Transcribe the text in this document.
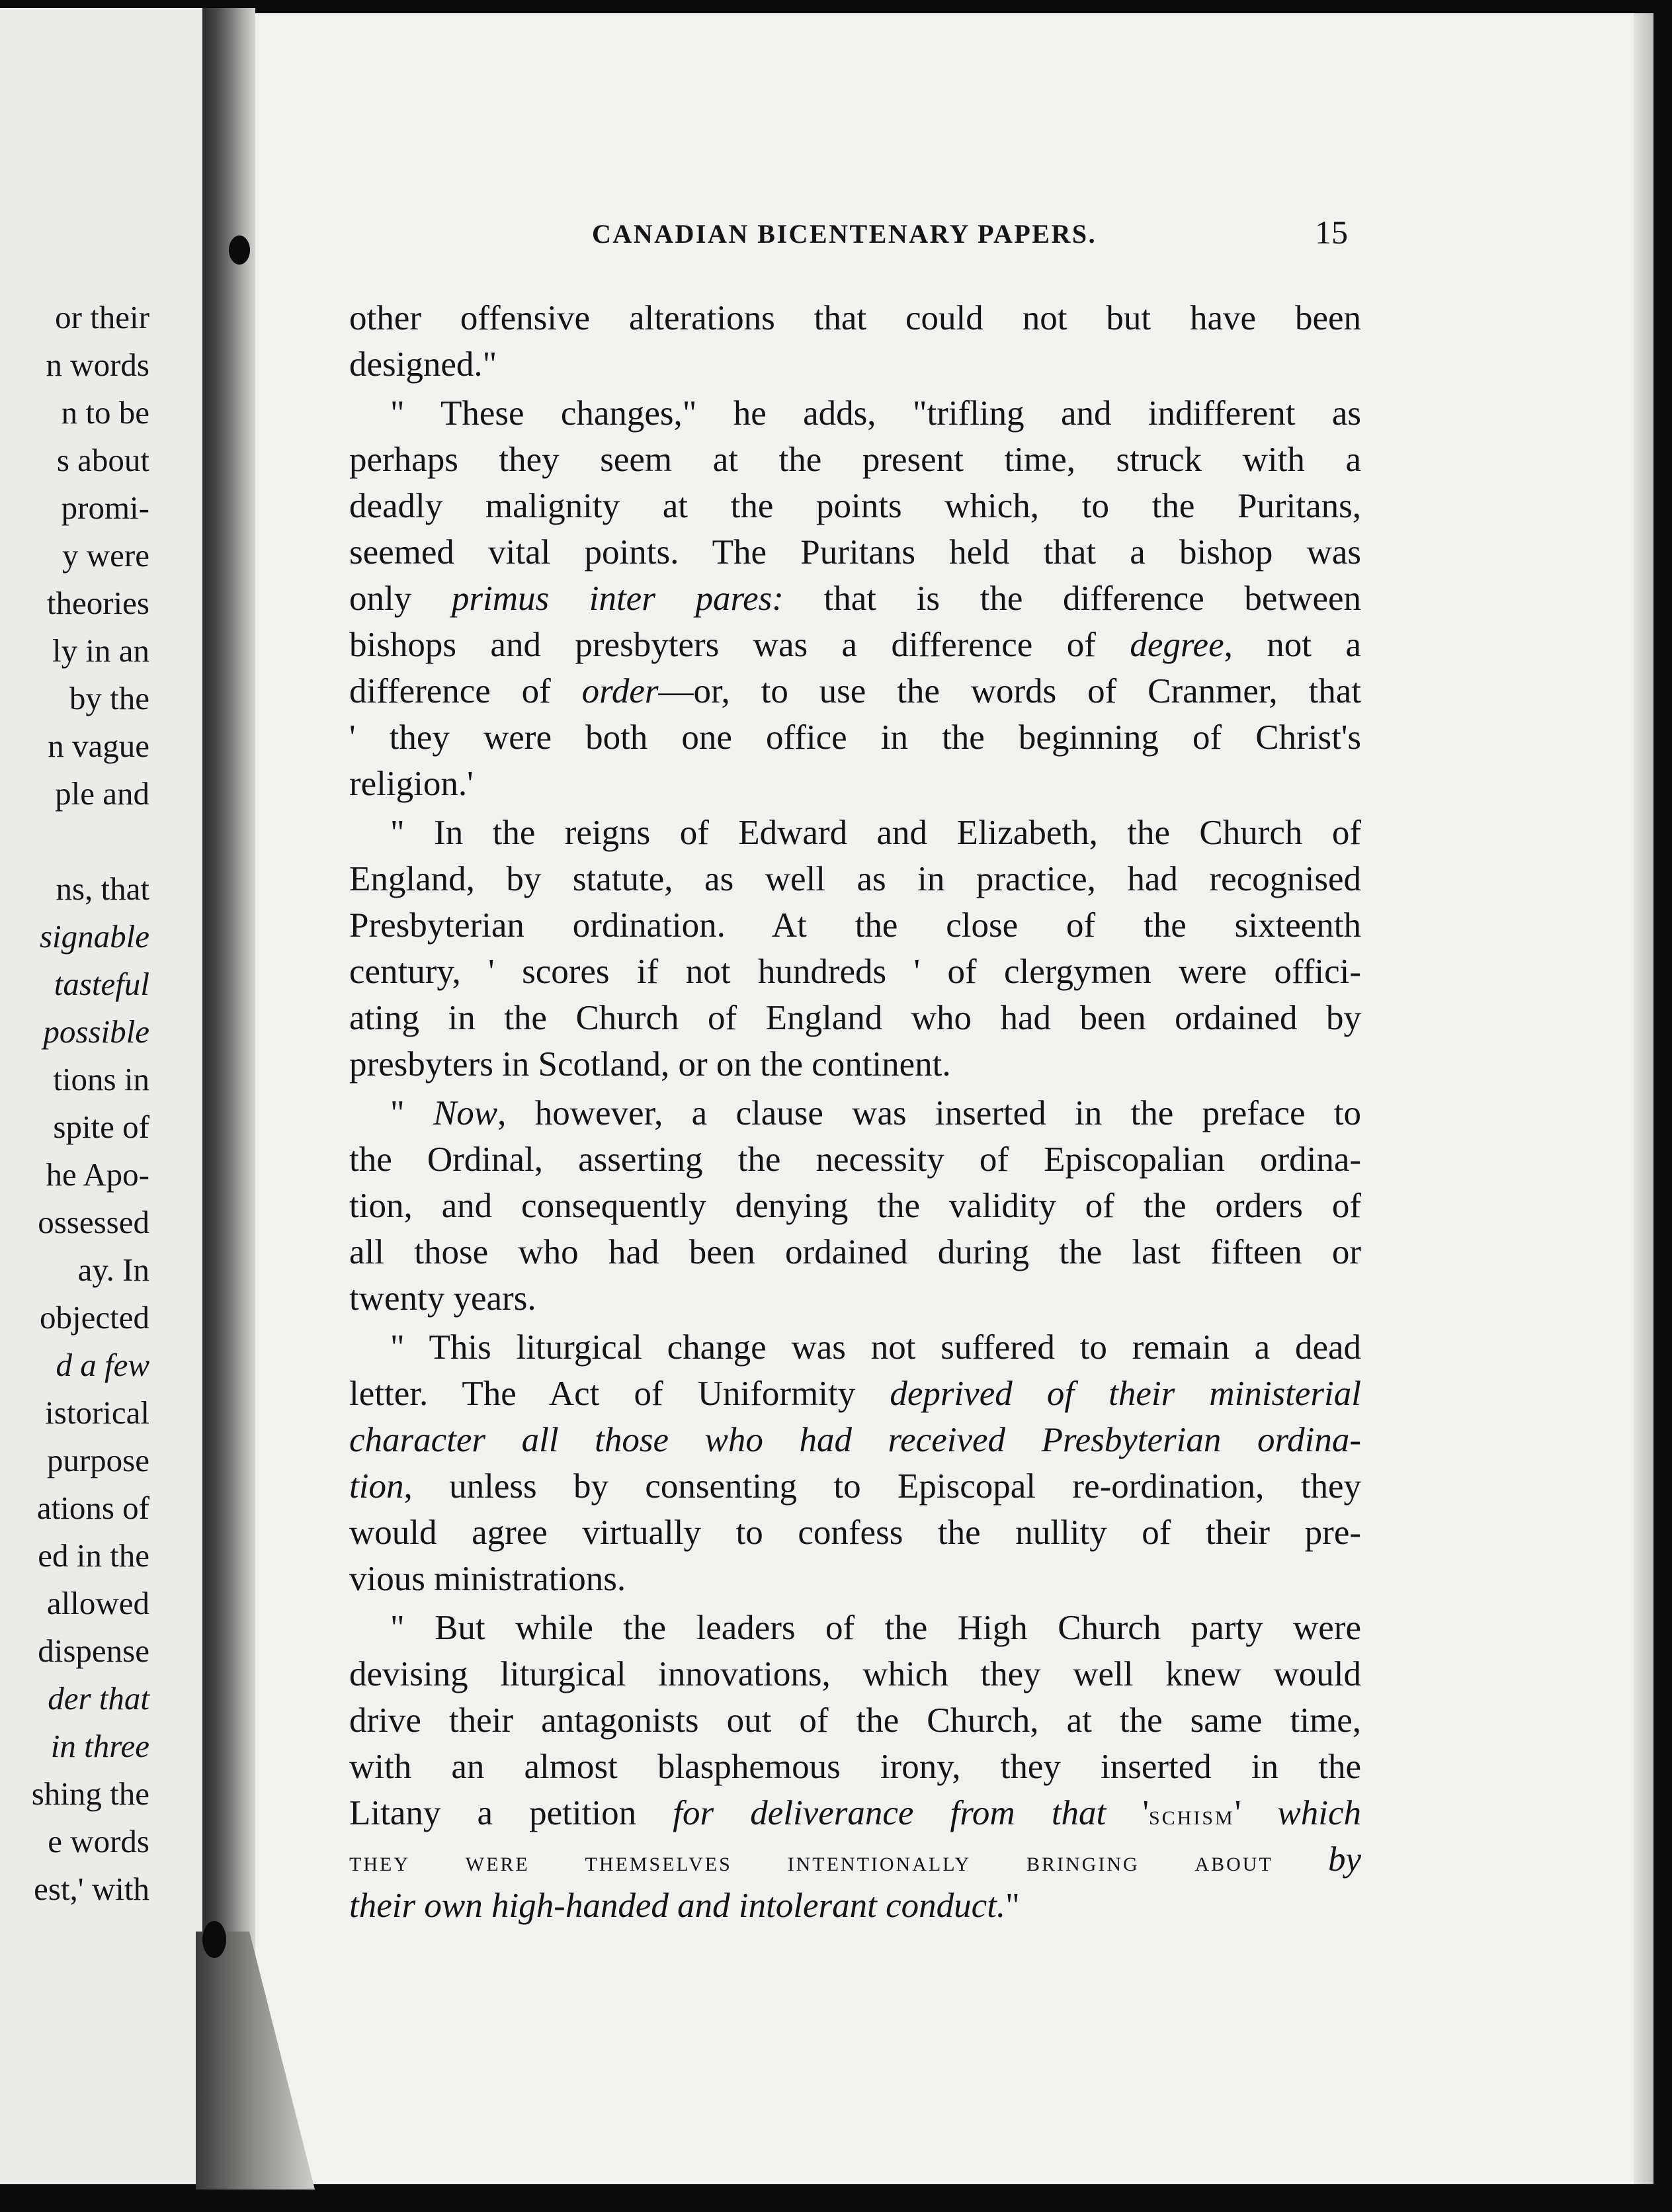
or their
n words
n to be
s about
promi-
y were
theories
ly in an
by the
n vague
ple and
ns, that
signable
tasteful
possible
tions in
spite of
he Apo-
ossessed
ay. In
objected
d a few
istorical
purpose
ations of
ed in the
allowed
dispense
der that
in three
shing the
e words
est,' with
CANADIAN BICENTENARY PAPERS.	15
other offensive alterations that could not but have been
designed."
" These changes," he adds, "trifling and indifferent as
perhaps they seem at the present time, struck with a
deadly malignity at the points which, to the Puritans,
seemed vital points. The Puritans held that a bishop was
only primus inter pares: that is the difference between
bishops and presbyters was a difference of degree, not a
difference of order—or, to use the words of Cranmer, that
' they were both one office in the beginning of Christ's
religion.'
" In the reigns of Edward and Elizabeth, the Church of
England, by statute, as well as in practice, had recognised
Presbyterian ordination. At the close of the sixteenth
century, ' scores if not hundreds ' of clergymen were offici-
ating in the Church of England who had been ordained by
presbyters in Scotland, or on the continent.
" Now, however, a clause was inserted in the preface to
the Ordinal, asserting the necessity of Episcopalian ordina-
tion, and consequently denying the validity of the orders of
all those who had been ordained during the last fifteen or
twenty years.
" This liturgical change was not suffered to remain a dead
letter. The Act of Uniformity deprived of their ministerial
character all those who had received Presbyterian ordina-
tion, unless by consenting to Episcopal re-ordination, they
would agree virtually to confess the nullity of their pre-
vious ministrations.
" But while the leaders of the High Church party were
devising liturgical innovations, which they well knew would
drive their antagonists out of the Church, at the same time,
with an almost blasphemous irony, they inserted in the
Litany a petition for deliverance from that 'schism' which
they were themselves intentionally bringing about by
their own high-handed and intolerant conduct."
